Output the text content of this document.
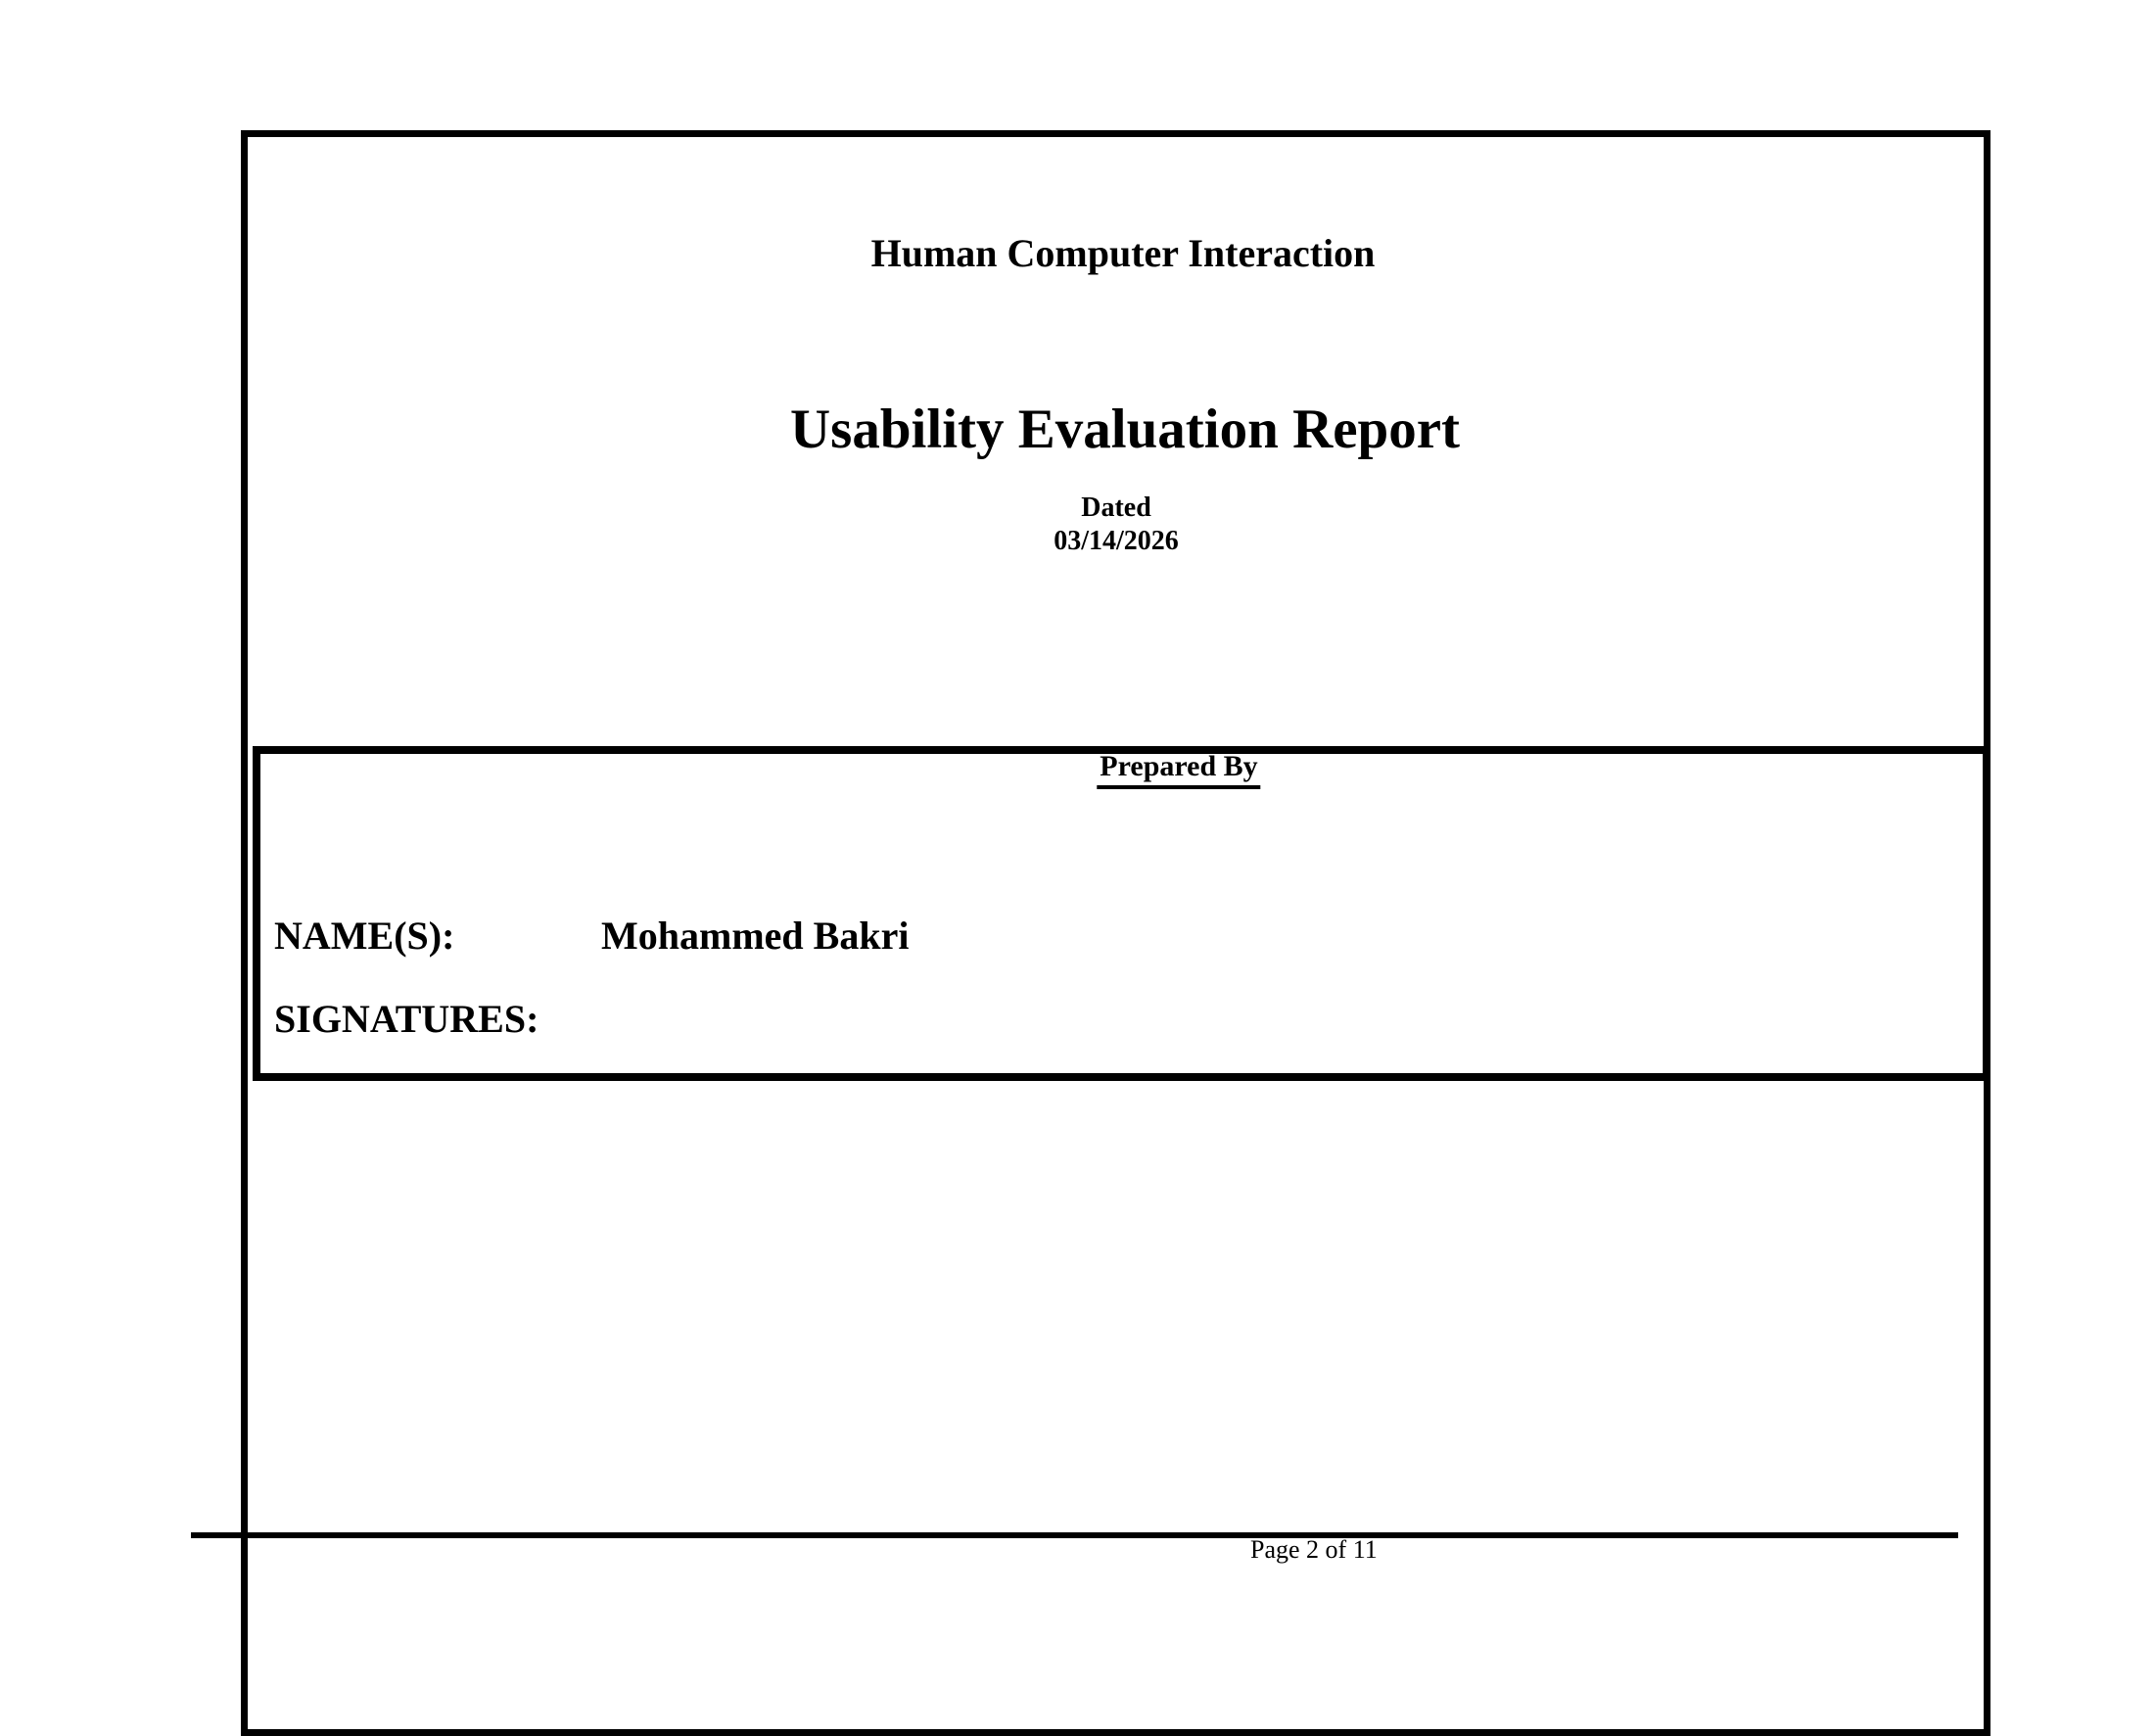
Human Computer Interaction
Usability Evaluation Report
Dated
03/14/2026
Prepared By
NAME(S):	Mohammed Bakri
SIGNATURES:
Page 2 of 11
